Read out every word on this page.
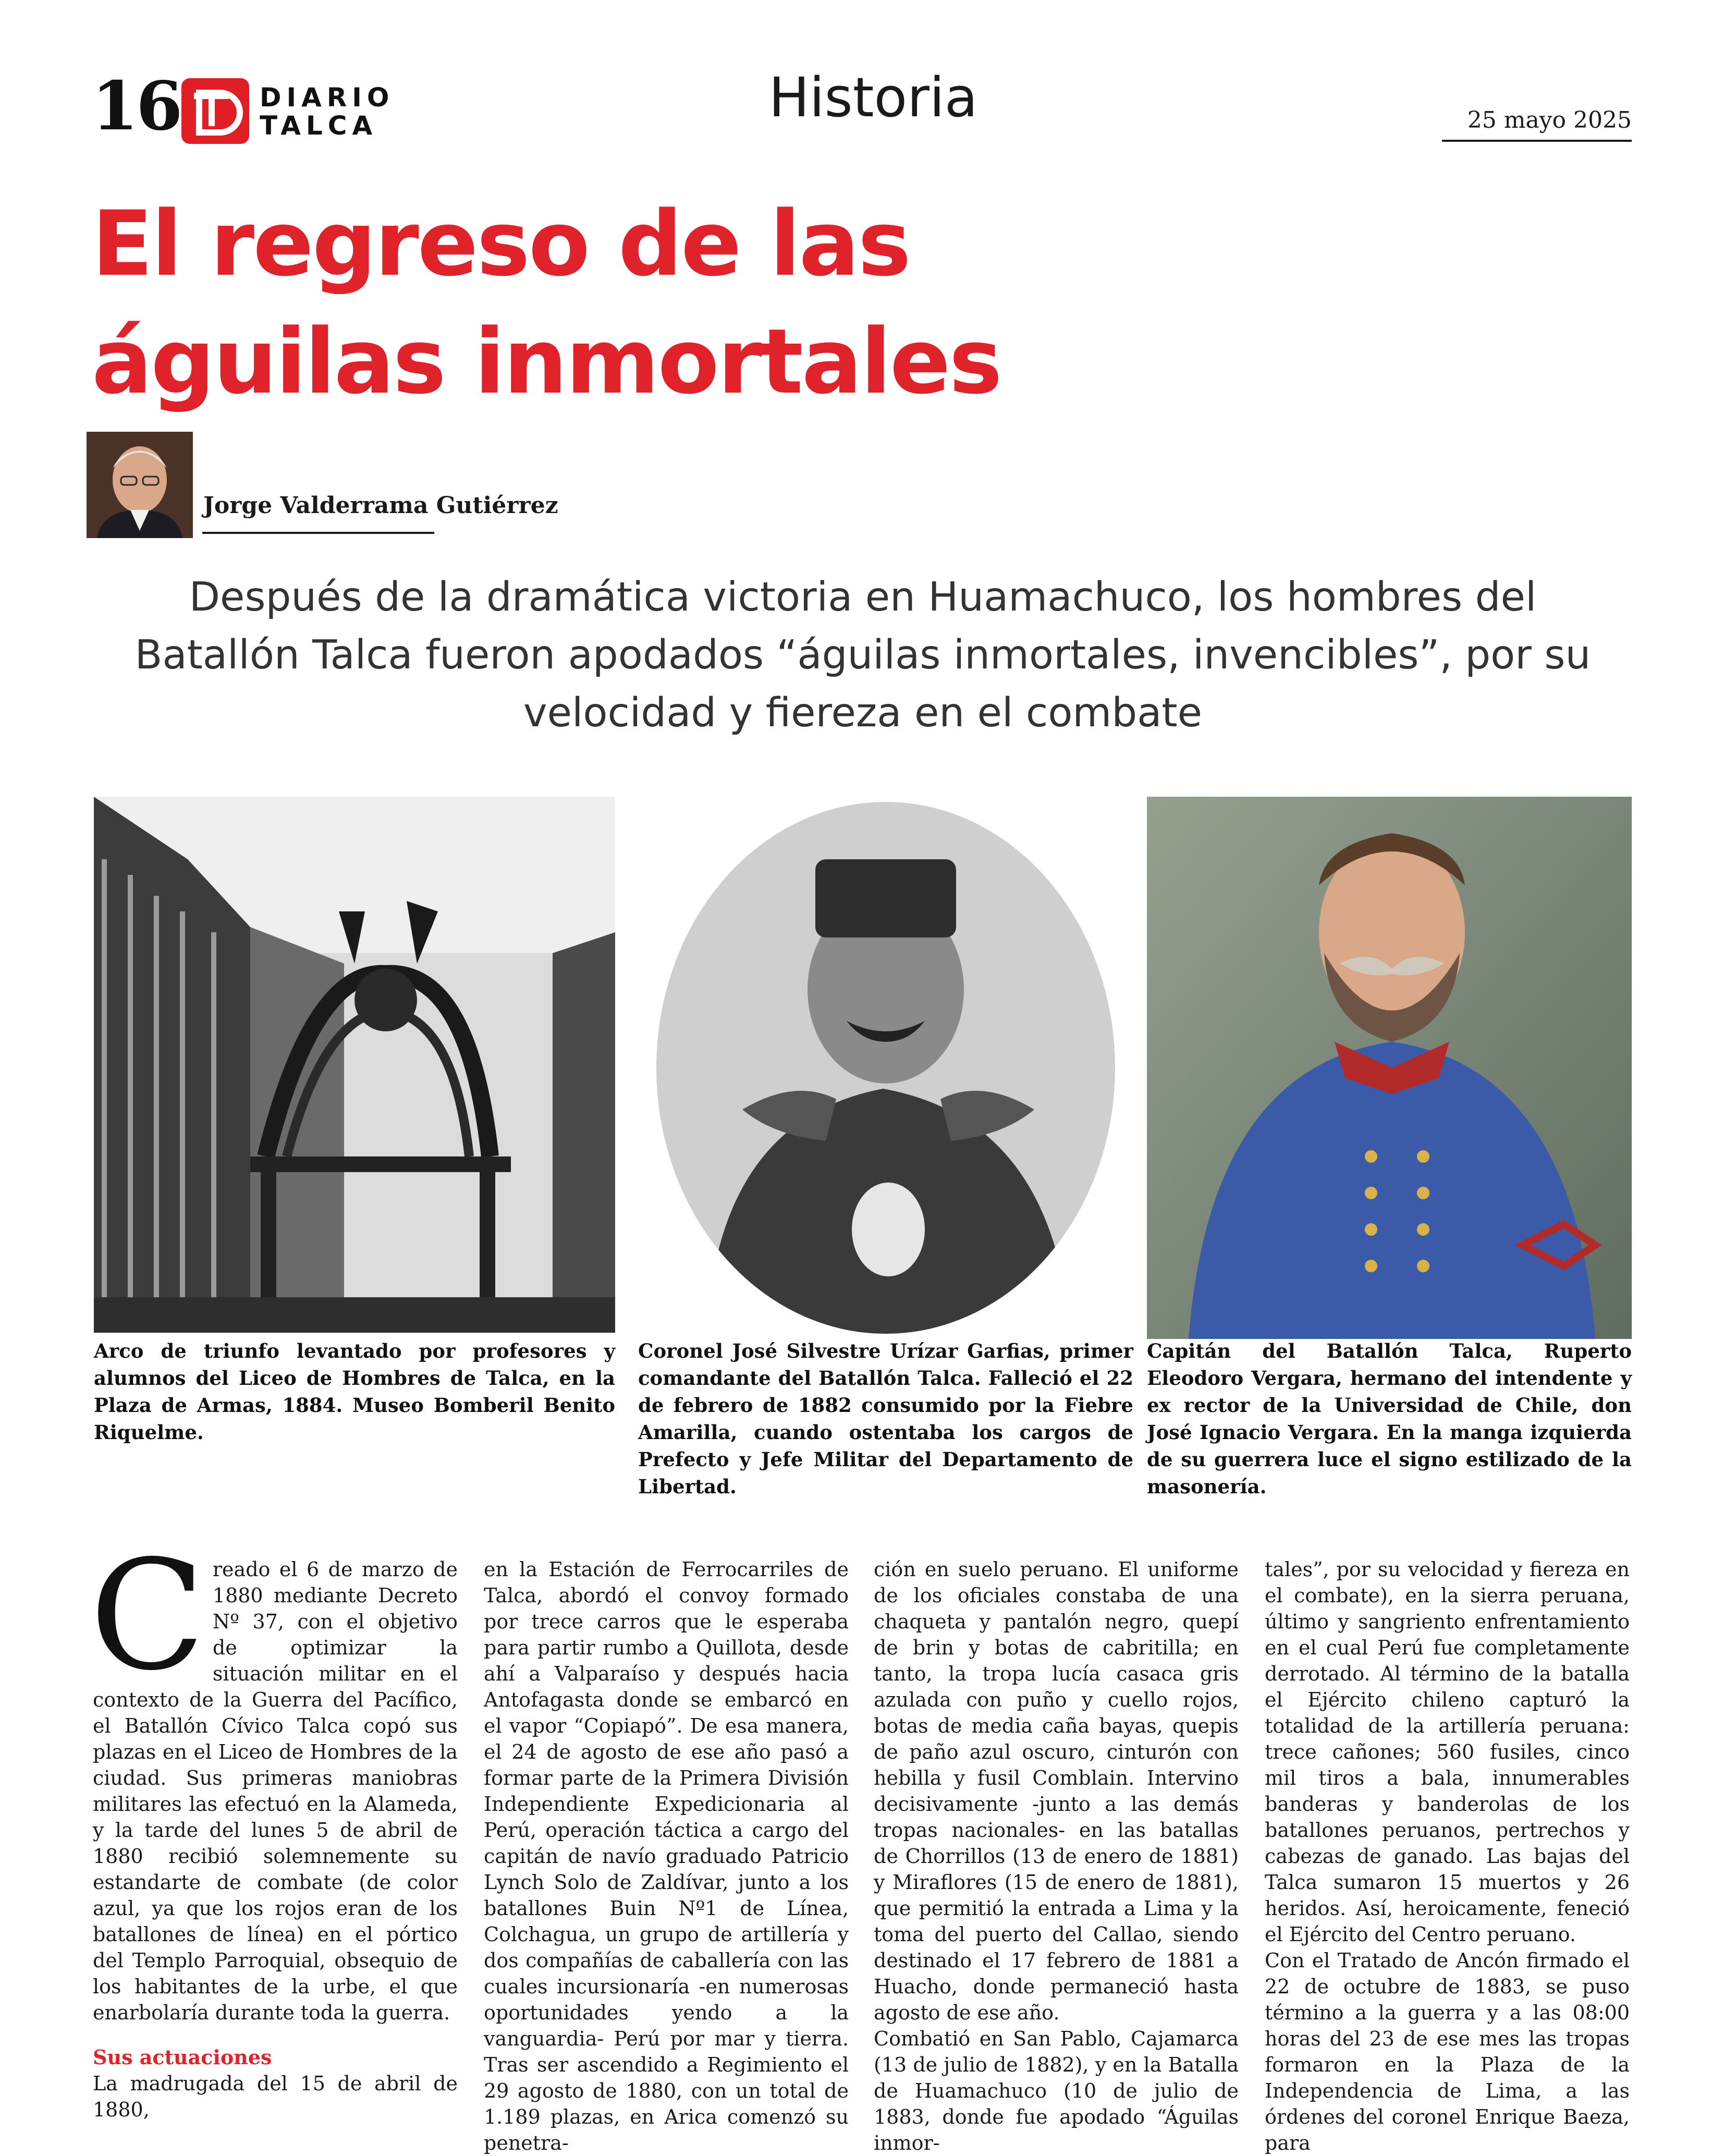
16	DIARIO
TALCA	Historia	25 mayo 2025
El regreso de las
águilas inmortales
Jorge Valderrama Gutiérrez
Después de la dramática victoria en Huamachuco, los hombres del Batallón Talca fueron apodados “águilas inmortales, invencibles”, por su velocidad y fiereza en el combate
Arco de triunfo levantado por profesores y alumnos del Liceo de Hombres de Talca, en la Plaza de Armas, 1884. Museo Bomberil Benito Riquelme.
Coronel José Silvestre Urízar Garfias, primer comandante del Batallón Talca. Falleció el 22 de febrero de 1882 consumido por la Fiebre Amarilla, cuando ostentaba los cargos de Prefecto y Jefe Militar del Departamento de Libertad.
Capitán del Batallón Talca, Ruperto Eleodoro Vergara, hermano del intendente y ex rector de la Universidad de Chile, don José Ignacio Vergara. En la manga izquierda de su guerrera luce el signo estilizado de la masonería.

Creado el 6 de marzo de 1880 mediante Decreto Nº 37, con el objetivo de optimizar la situación militar en el contexto de la Guerra del Pacífico, el Batallón Cívico Talca copó sus plazas en el Liceo de Hombres de la ciudad. Sus primeras maniobras militares las efectuó en la Alameda, y la tarde del lunes 5 de abril de 1880 recibió solemnemente su estandarte de combate (de color azul, ya que los rojos eran de los batallones de línea) en el pórtico del Templo Parroquial, obsequio de los habitantes de la urbe, el que enarbolaría durante toda la guerra.

Sus actuaciones

La madrugada del 15 de abril de 1880,

en la Estación de Ferrocarriles de Talca, abordó el convoy formado por trece carros que le esperaba para partir rumbo a Quillota, desde ahí a Valparaíso y después hacia Antofagasta donde se embarcó en el vapor “Copiapó”. De esa manera, el 24 de agosto de ese año pasó a formar parte de la Primera División Independiente Expedicionaria al Perú, operación táctica a cargo del capitán de navío graduado Patricio Lynch Solo de Zaldívar, junto a los batallones Buin Nº1 de Línea, Colchagua, un grupo de artillería y dos compañías de caballería con las cuales incursionaría -en numerosas oportunidades yendo a la vanguardia- Perú por mar y tierra. Tras ser ascendido a Regimiento el 29 agosto de 1880, con un total de 1.189 plazas, en Arica comenzó su penetra-

ción en suelo peruano. El uniforme de los oficiales constaba de una chaqueta y pantalón negro, quepí de brin y botas de cabritilla; en tanto, la tropa lucía casaca gris azulada con puño y cuello rojos, botas de media caña bayas, quepis de paño azul oscuro, cinturón con hebilla y fusil Comblain. Intervino decisivamente -junto a las demás tropas nacionales- en las batallas de Chorrillos (13 de enero de 1881) y Miraflores (15 de enero de 1881), que permitió la entrada a Lima y la toma del puerto del Callao, siendo destinado el 17 febrero de 1881 a Huacho, donde permaneció hasta agosto de ese año.

Combatió en San Pablo, Cajamarca (13 de julio de 1882), y en la Batalla de Huamachuco (10 de julio de 1883, donde fue apodado “Águilas inmor-

tales”, por su velocidad y fiereza en el combate), en la sierra peruana, último y sangriento enfrentamiento en el cual Perú fue completamente derrotado. Al término de la batalla el Ejército chileno capturó la totalidad de la artillería peruana: trece cañones; 560 fusiles, cinco mil tiros a bala, innumerables banderas y banderolas de los batallones peruanos, pertrechos y cabezas de ganado. Las bajas del Talca sumaron 15 muertos y 26 heridos. Así, heroicamente, feneció el Ejército del Centro peruano.

Con el Tratado de Ancón firmado el 22 de octubre de 1883, se puso término a la guerra y a las 08:00 horas del 23 de ese mes las tropas formaron en la Plaza de la Independencia de Lima, a las órdenes del coronel Enrique Baeza, para
